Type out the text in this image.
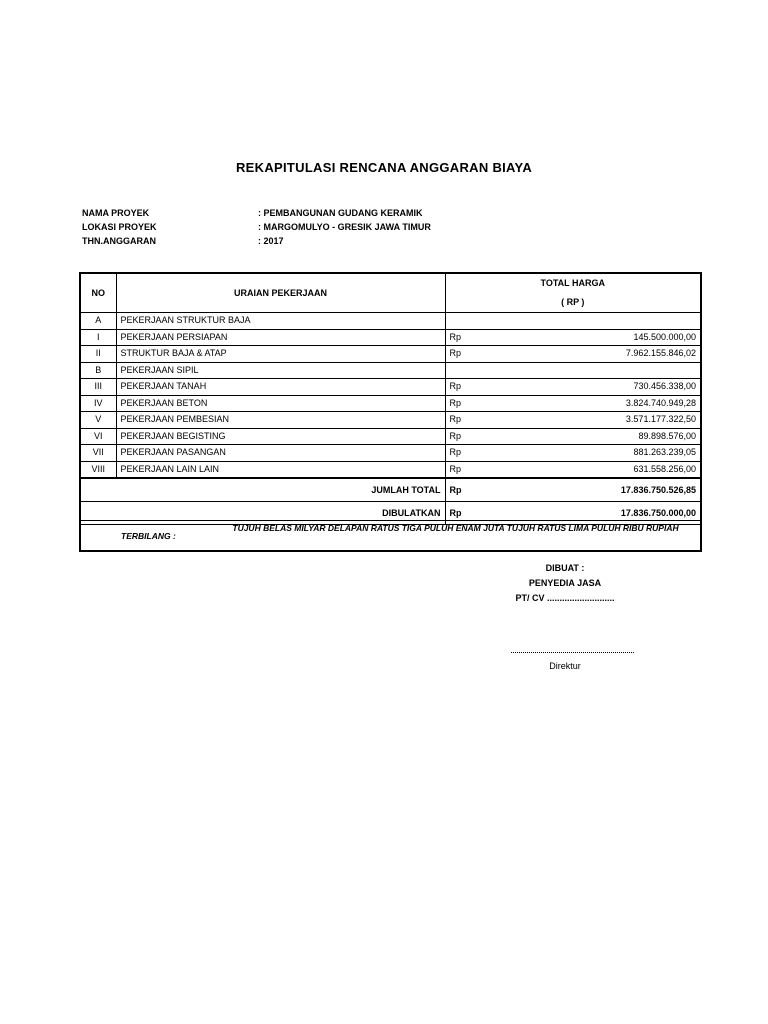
REKAPITULASI RENCANA ANGGARAN BIAYA
NAMA PROYEK	: PEMBANGUNAN GUDANG KERAMIK
LOKASI PROYEK	: MARGOMULYO - GRESIK JAWA TIMUR
THN.ANGGARAN	: 2017
NO	URAIAN PEKERJAAN	TOTAL HARGA	
		( RP )	
A	PEKERJAAN STRUKTUR BAJA		
I	PEKERJAAN PERSIAPAN	Rp	145.500.000,00
II	STRUKTUR BAJA & ATAP	Rp	7.962.155.846,02
B	PEKERJAAN SIPIL		
III	PEKERJAAN TANAH	Rp	730.456.338,00
IV	PEKERJAAN BETON	Rp	3.824.740.949,28
V	PEKERJAAN PEMBESIAN	Rp	3.571.177.322,50
VI	PEKERJAAN BEGISTING	Rp	89.898.576,00
VII	PEKERJAAN PASANGAN	Rp	881.263.239,05
VIII	PEKERJAAN LAIN LAIN	Rp	631.558.256,00
JUMLAH TOTAL		Rp	17.836.750.526,85
DIBULATKAN		Rp	17.836.750.000,00
TERBILANG :
TUJUH BELAS MILYAR DELAPAN RATUS TIGA PULUH ENAM JUTA TUJUH RATUS LIMA PULUH RIBU RUPIAH
DIBUAT :
PENYEDIA JASA
PT/ CV ...........................
Direktur
